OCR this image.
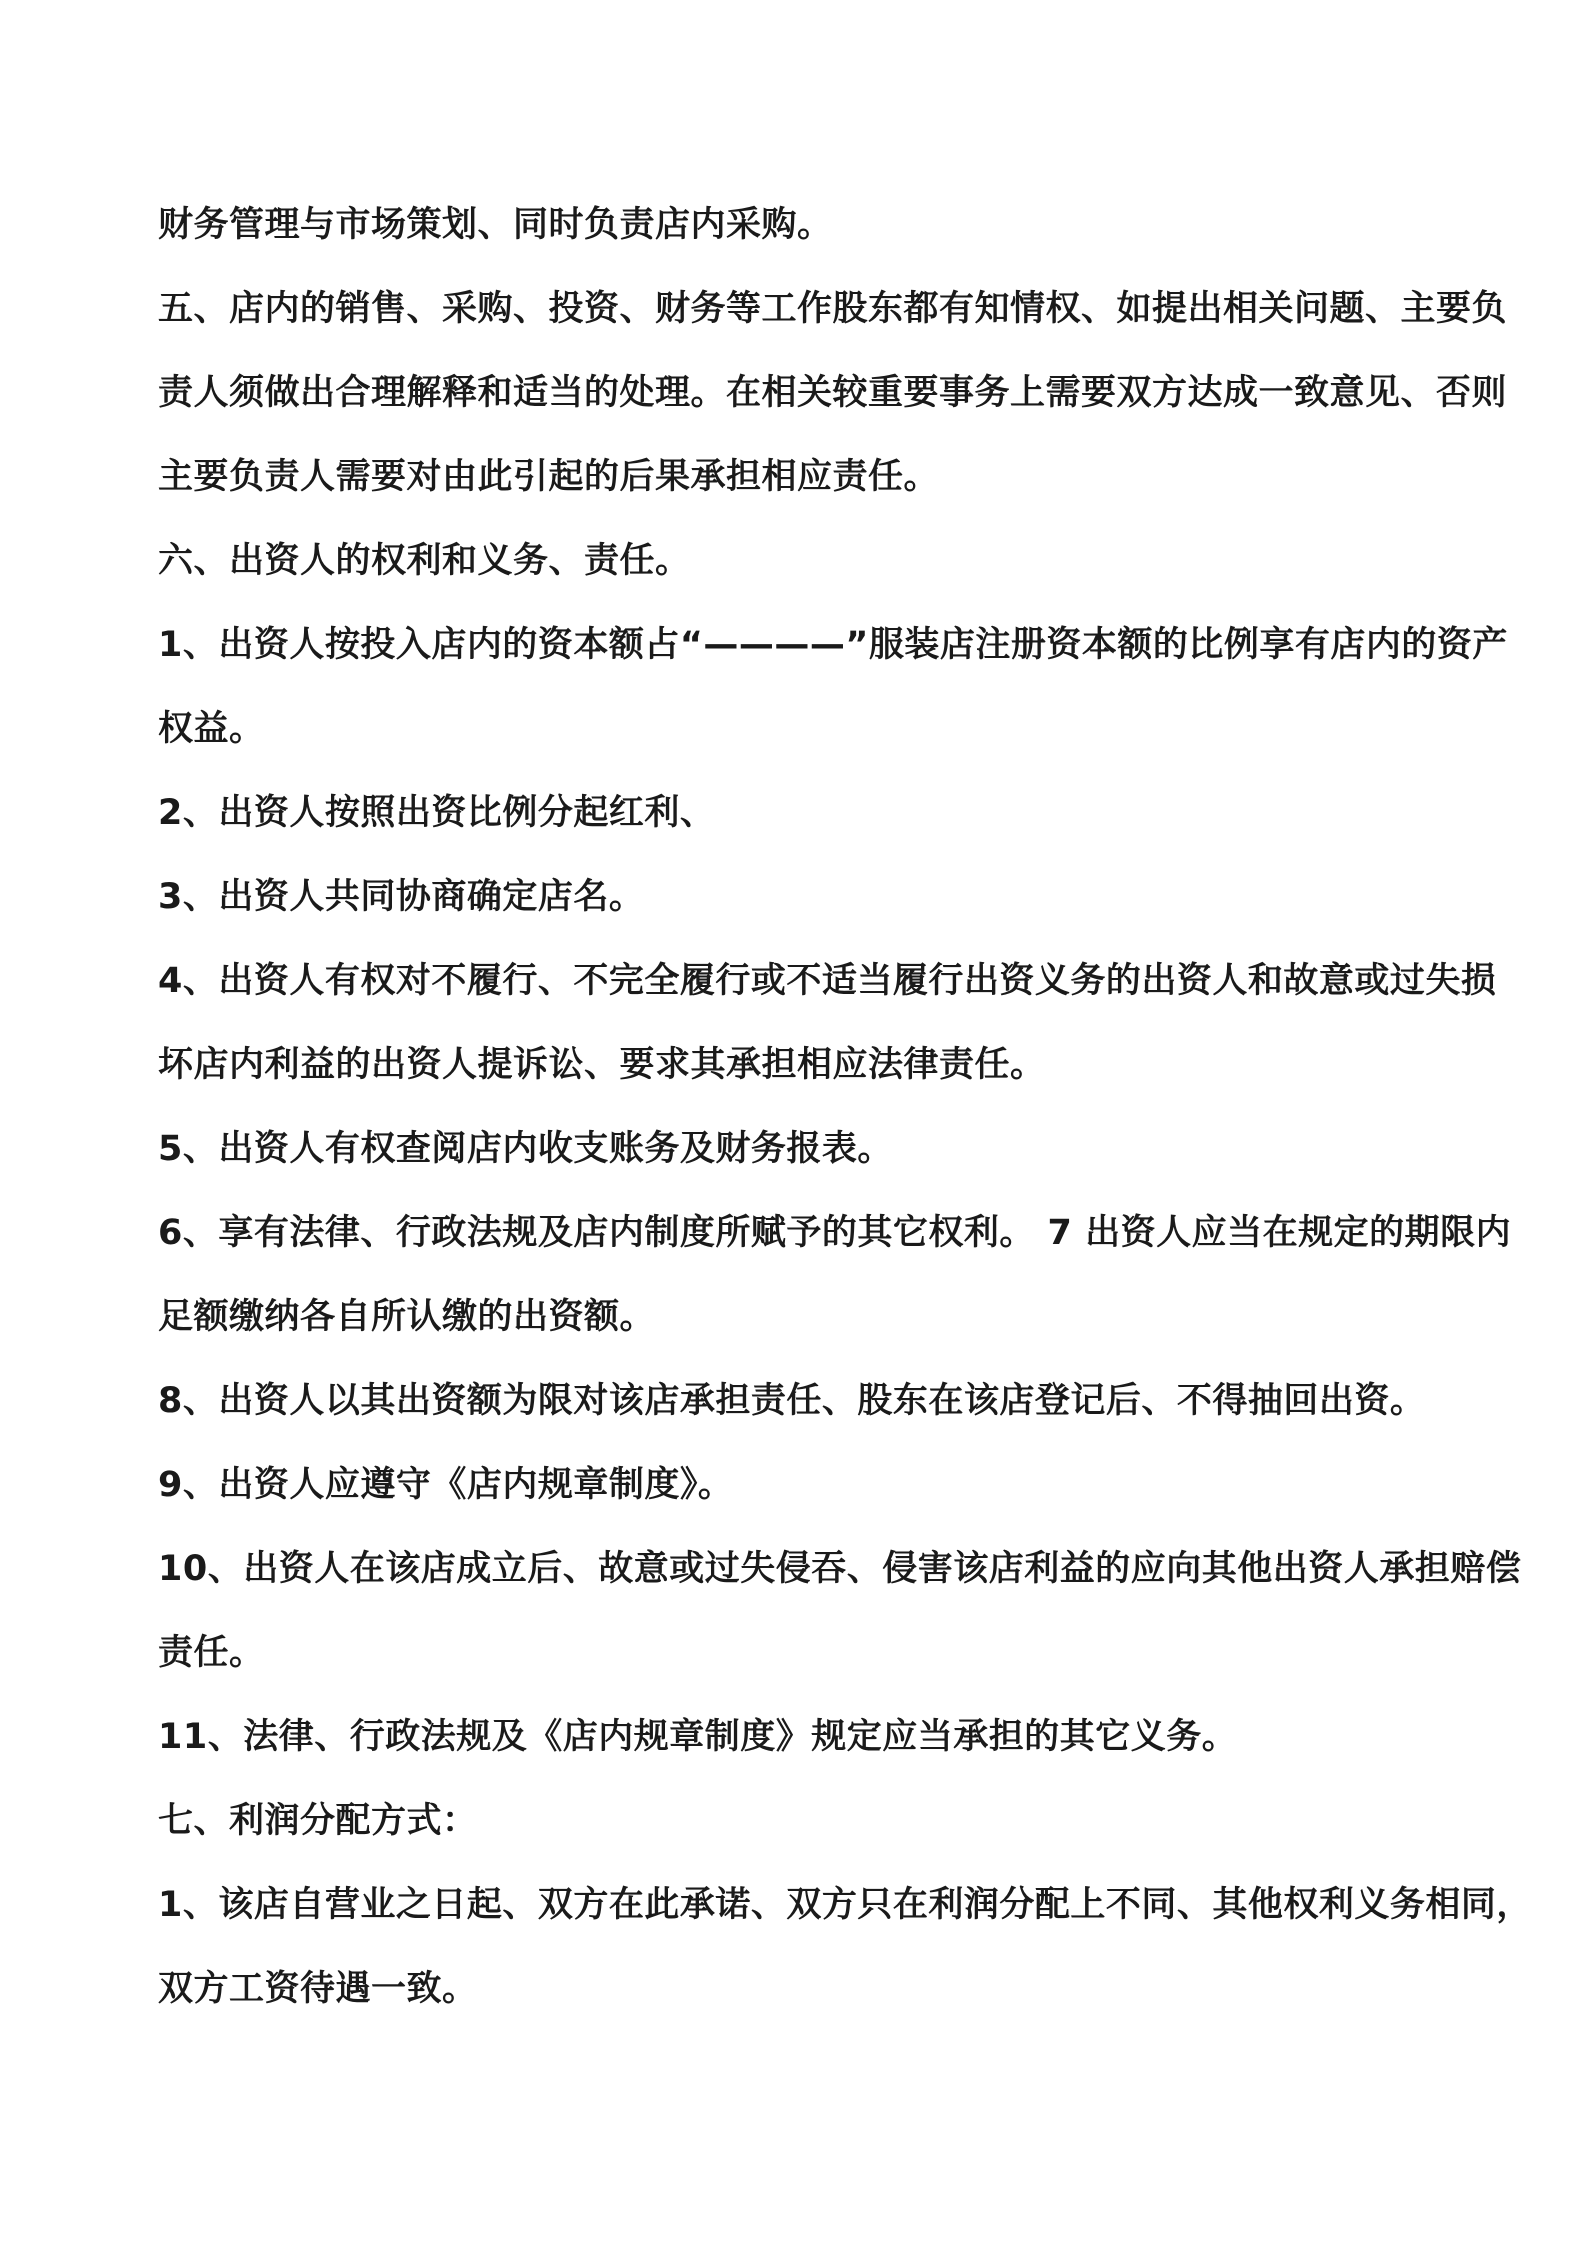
财务管理与市场策划、同时负责店内采购。
五、店内的销售、采购、投资、财务等工作股东都有知情权、如提出相关问题、主要负
责人须做出合理解释和适当的处理。在相关较重要事务上需要双方达成一致意见、否则
主要负责人需要对由此引起的后果承担相应责任。
六、出资人的权利和义务、责任。
1、出资人按投入店内的资本额占“————”服装店注册资本额的比例享有店内的资产
权益。
2、出资人按照出资比例分起红利、
3、出资人共同协商确定店名。
4、出资人有权对不履行、不完全履行或不适当履行出资义务的出资人和故意或过失损
坏店内利益的出资人提诉讼、要求其承担相应法律责任。
5、出资人有权查阅店内收支账务及财务报表。
6、享有法律、行政法规及店内制度所赋予的其它权利。 7 出资人应当在规定的期限内
足额缴纳各自所认缴的出资额。
8、出资人以其出资额为限对该店承担责任、股东在该店登记后、不得抽回出资。
9、出资人应遵守《店内规章制度》。
10、出资人在该店成立后、故意或过失侵吞、侵害该店利益的应向其他出资人承担赔偿
责任。
11、法律、行政法规及《店内规章制度》规定应当承担的其它义务。
七、利润分配方式：
1、该店自营业之日起、双方在此承诺、双方只在利润分配上不同、其他权利义务相同，
双方工资待遇一致。
